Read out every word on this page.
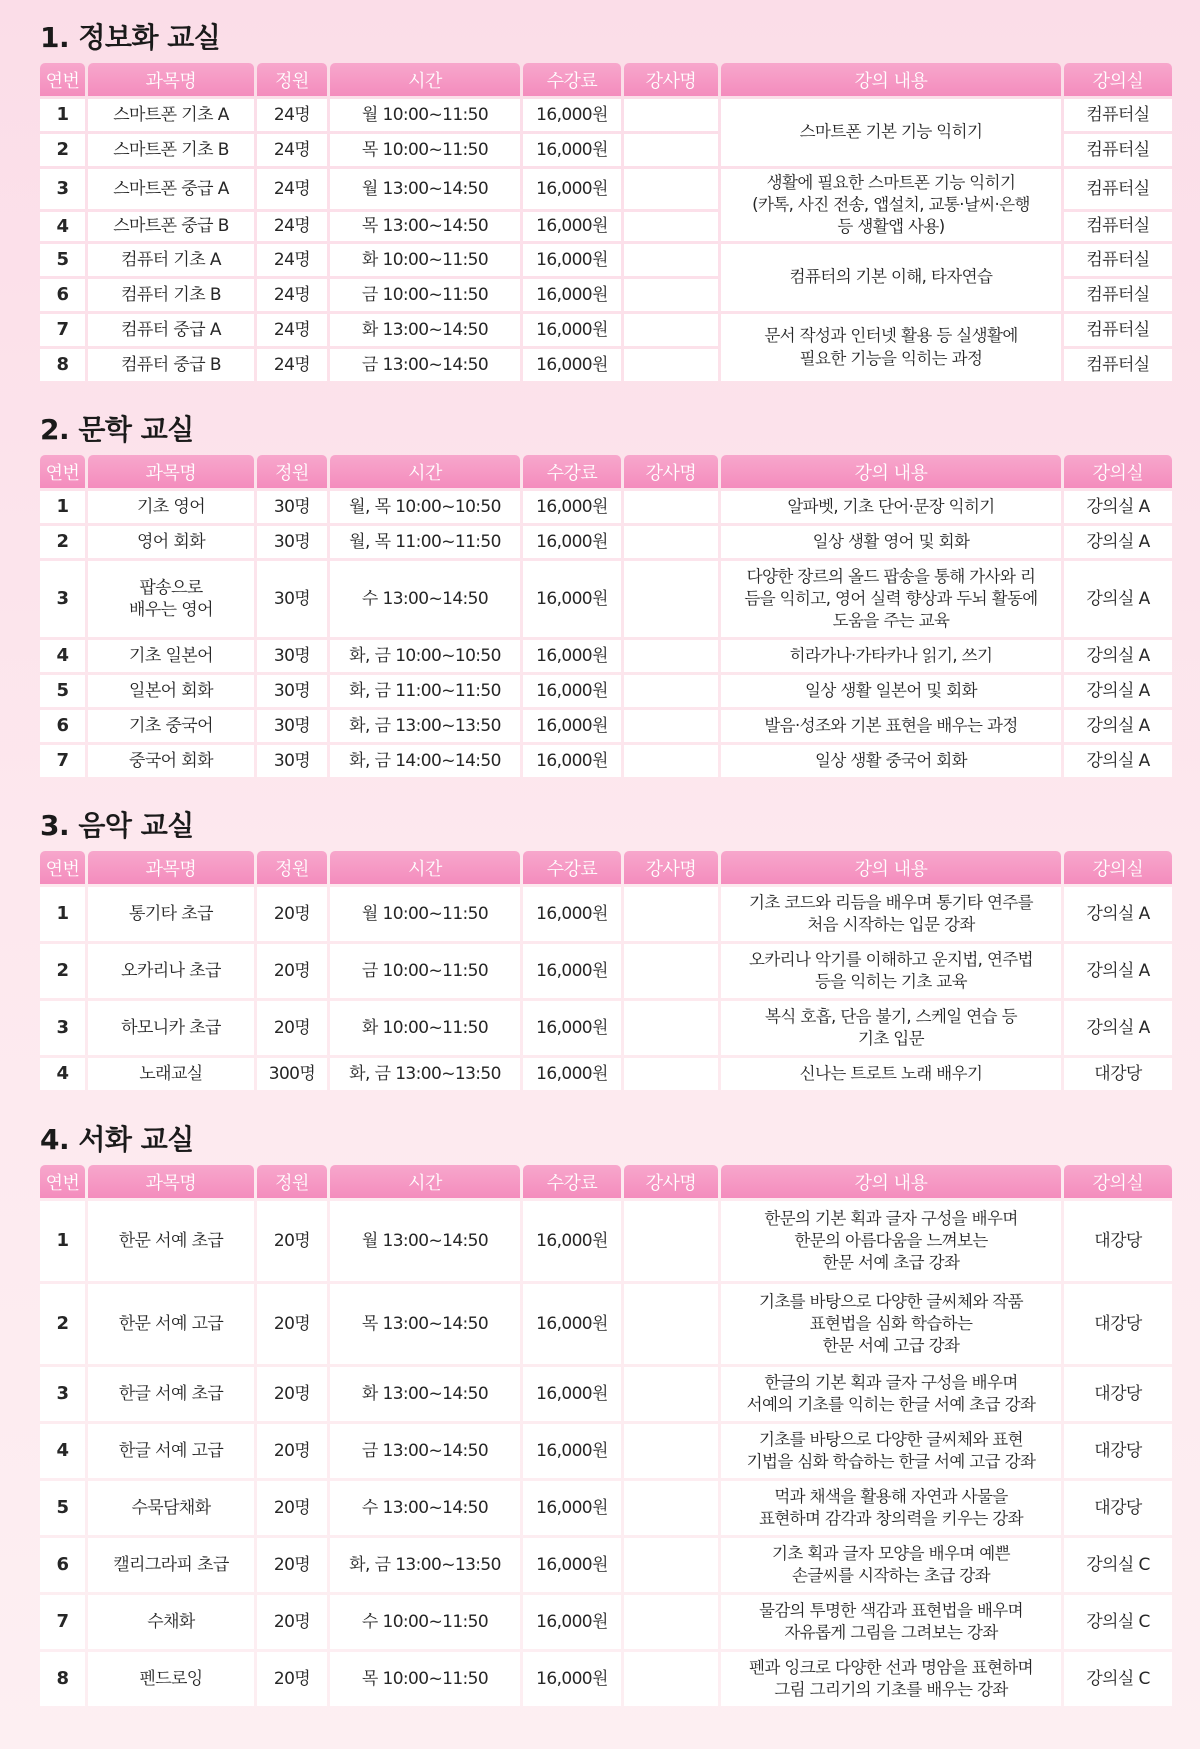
1. 정보화 교실
연번	과목명	정원	시간	수강료	강사명	강의 내용	강의실
1	스마트폰 기초 A	24명	월 10:00~11:50	16,000원		스마트폰 기본 기능 익히기	컴퓨터실
2	스마트폰 기초 B	24명	목 10:00~11:50	16,000원			컴퓨터실
3	스마트폰 중급 A	24명	월 13:00~14:50	16,000원		생활에 필요한 스마트폰 기능 익히기
(카톡, 사진 전송, 앱설치, 교통·날씨·은행
등 생활앱 사용)	컴퓨터실
4	스마트폰 중급 B	24명	목 13:00~14:50	16,000원			컴퓨터실
5	컴퓨터 기초 A	24명	화 10:00~11:50	16,000원		컴퓨터의 기본 이해, 타자연습	컴퓨터실
6	컴퓨터 기초 B	24명	금 10:00~11:50	16,000원			컴퓨터실
7	컴퓨터 중급 A	24명	화 13:00~14:50	16,000원		문서 작성과 인터넷 활용 등 실생활에
필요한 기능을 익히는 과정	컴퓨터실
8	컴퓨터 중급 B	24명	금 13:00~14:50	16,000원			컴퓨터실
2. 문학 교실
연번	과목명	정원	시간	수강료	강사명	강의 내용	강의실
1	기초 영어	30명	월, 목 10:00~10:50	16,000원		알파벳, 기초 단어·문장 익히기	강의실 A
2	영어 회화	30명	월, 목 11:00~11:50	16,000원		일상 생활 영어 및 회화	강의실 A
3	팝송으로
배우는 영어	30명	수 13:00~14:50	16,000원		다양한 장르의 올드 팝송을 통해 가사와 리
듬을 익히고, 영어 실력 향상과 두뇌 활동에
도움을 주는 교육	강의실 A
4	기초 일본어	30명	화, 금 10:00~10:50	16,000원		히라가나·가타카나 읽기, 쓰기	강의실 A
5	일본어 회화	30명	화, 금 11:00~11:50	16,000원		일상 생활 일본어 및 회화	강의실 A
6	기초 중국어	30명	화, 금 13:00~13:50	16,000원		발음·성조와 기본 표현을 배우는 과정	강의실 A
7	중국어 회화	30명	화, 금 14:00~14:50	16,000원		일상 생활 중국어 회화	강의실 A
3. 음악 교실
연번	과목명	정원	시간	수강료	강사명	강의 내용	강의실
1	통기타 초급	20명	월 10:00~11:50	16,000원		기초 코드와 리듬을 배우며 통기타 연주를
처음 시작하는 입문 강좌	강의실 A
2	오카리나 초급	20명	금 10:00~11:50	16,000원		오카리나 악기를 이해하고 운지법, 연주법
등을 익히는 기초 교육	강의실 A
3	하모니카 초급	20명	화 10:00~11:50	16,000원		복식 호흡, 단음 불기, 스케일 연습 등
기초 입문	강의실 A
4	노래교실	300명	화, 금 13:00~13:50	16,000원		신나는 트로트 노래 배우기	대강당
4. 서화 교실
연번	과목명	정원	시간	수강료	강사명	강의 내용	강의실
1	한문 서예 초급	20명	월 13:00~14:50	16,000원		한문의 기본 획과 글자 구성을 배우며
한문의 아름다움을 느껴보는
한문 서예 초급 강좌	대강당
2	한문 서예 고급	20명	목 13:00~14:50	16,000원		기초를 바탕으로 다양한 글씨체와 작품
표현법을 심화 학습하는
한문 서예 고급 강좌	대강당
3	한글 서예 초급	20명	화 13:00~14:50	16,000원		한글의 기본 획과 글자 구성을 배우며
서예의 기초를 익히는 한글 서예 초급 강좌	대강당
4	한글 서예 고급	20명	금 13:00~14:50	16,000원		기초를 바탕으로 다양한 글씨체와 표현
기법을 심화 학습하는 한글 서예 고급 강좌	대강당
5	수묵담채화	20명	수 13:00~14:50	16,000원		먹과 채색을 활용해 자연과 사물을
표현하며 감각과 창의력을 키우는 강좌	대강당
6	캘리그라피 초급	20명	화, 금 13:00~13:50	16,000원		기초 획과 글자 모양을 배우며 예쁜
손글씨를 시작하는 초급 강좌	강의실 C
7	수채화	20명	수 10:00~11:50	16,000원		물감의 투명한 색감과 표현법을 배우며
자유롭게 그림을 그려보는 강좌	강의실 C
8	펜드로잉	20명	목 10:00~11:50	16,000원		펜과 잉크로 다양한 선과 명암을 표현하며
그림 그리기의 기초를 배우는 강좌	강의실 C
